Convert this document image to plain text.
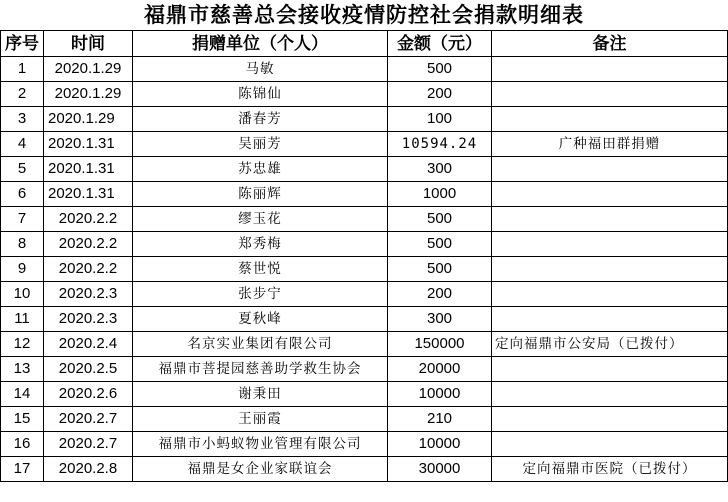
福鼎市慈善总会接收疫情防控社会捐款明细表
序号	时间	捐赠单位（个人）	金额（元）	备注
1	2020.1.29	马敏	500	
2	2020.1.29	陈锦仙	200	
3	2020.1.29	潘春芳	100	
4	2020.1.31	吴丽芳	10594.24	广种福田群捐赠
5	2020.1.31	苏忠雄	300	
6	2020.1.31	陈丽辉	1000	
7	2020.2.2	缪玉花	500	
8	2020.2.2	郑秀梅	500	
9	2020.2.2	蔡世悦	500	
10	2020.2.3	张步宁	200	
11	2020.2.3	夏秋峰	300	
12	2020.2.4	名京实业集团有限公司	150000	定向福鼎市公安局（已拨付）
13	2020.2.5	福鼎市菩提园慈善助学救生协会	20000	
14	2020.2.6	谢秉田	10000	
15	2020.2.7	王丽霞	210	
16	2020.2.7	福鼎市小蚂蚁物业管理有限公司	10000	
17	2020.2.8	福鼎是女企业家联谊会	30000	定向福鼎市医院（已拨付）
